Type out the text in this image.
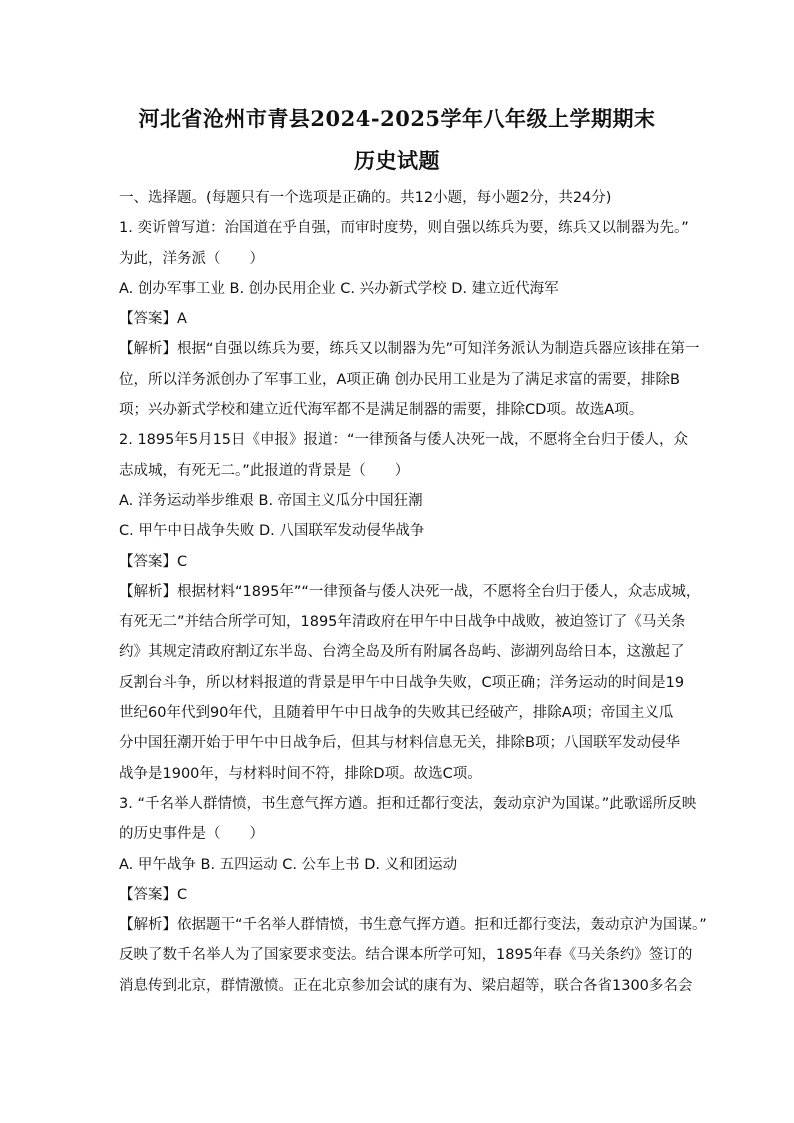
河北省沧州市青县2024-2025学年八年级上学期期末
历史试题
一、选择题。(每题只有一个选项是正确的。共12小题，每小题2分，共24分)
1. 奕䜣曾写道：治国道在乎自强，而审时度势，则自强以练兵为要，练兵又以制器为先。”
为此，洋务派（　　）
A. 创办军事工业 B. 创办民用企业 C. 兴办新式学校 D. 建立近代海军
【答案】A
【解析】根据“自强以练兵为要，练兵又以制器为先”可知洋务派认为制造兵器应该排在第一
位，所以洋务派创办了军事工业，A项正确 创办民用工业是为了满足求富的需要，排除B
项；兴办新式学校和建立近代海军都不是满足制器的需要，排除CD项。故选A项。
2. 1895年5月15日《申报》报道：“一律预备与倭人决死一战，不愿将全台归于倭人，众
志成城，有死无二。”此报道的背景是（　　）
A. 洋务运动举步维艰 B. 帝国主义瓜分中国狂潮
C. 甲午中日战争失败 D. 八国联军发动侵华战争
【答案】C
【解析】根据材料“1895年”“一律预备与倭人决死一战，不愿将全台归于倭人，众志成城，
有死无二”并结合所学可知，1895年清政府在甲午中日战争中战败，被迫签订了《马关条
约》其规定清政府割辽东半岛、台湾全岛及所有附属各岛屿、澎湖列岛给日本，这激起了
反割台斗争，所以材料报道的背景是甲午中日战争失败，C项正确；洋务运动的时间是19
世纪60年代到90年代，且随着甲午中日战争的失败其已经破产，排除A项；帝国主义瓜
分中国狂潮开始于甲午中日战争后，但其与材料信息无关，排除B项；八国联军发动侵华
战争是1900年，与材料时间不符，排除D项。故选C项。
3. “千名举人群情愤，书生意气挥方遒。拒和迁都行变法，轰动京沪为国谋。”此歌谣所反映
的历史事件是（　　）
A. 甲午战争 B. 五四运动 C. 公车上书 D. 义和团运动
【答案】C
【解析】依据题干“千名举人群情愤，书生意气挥方遒。拒和迁都行变法，轰动京沪为国谋。”
反映了数千名举人为了国家要求变法。结合课本所学可知，1895年春《马关条约》签订的
消息传到北京，群情激愤。正在北京参加会试的康有为、梁启超等，联合各省1300多名会
